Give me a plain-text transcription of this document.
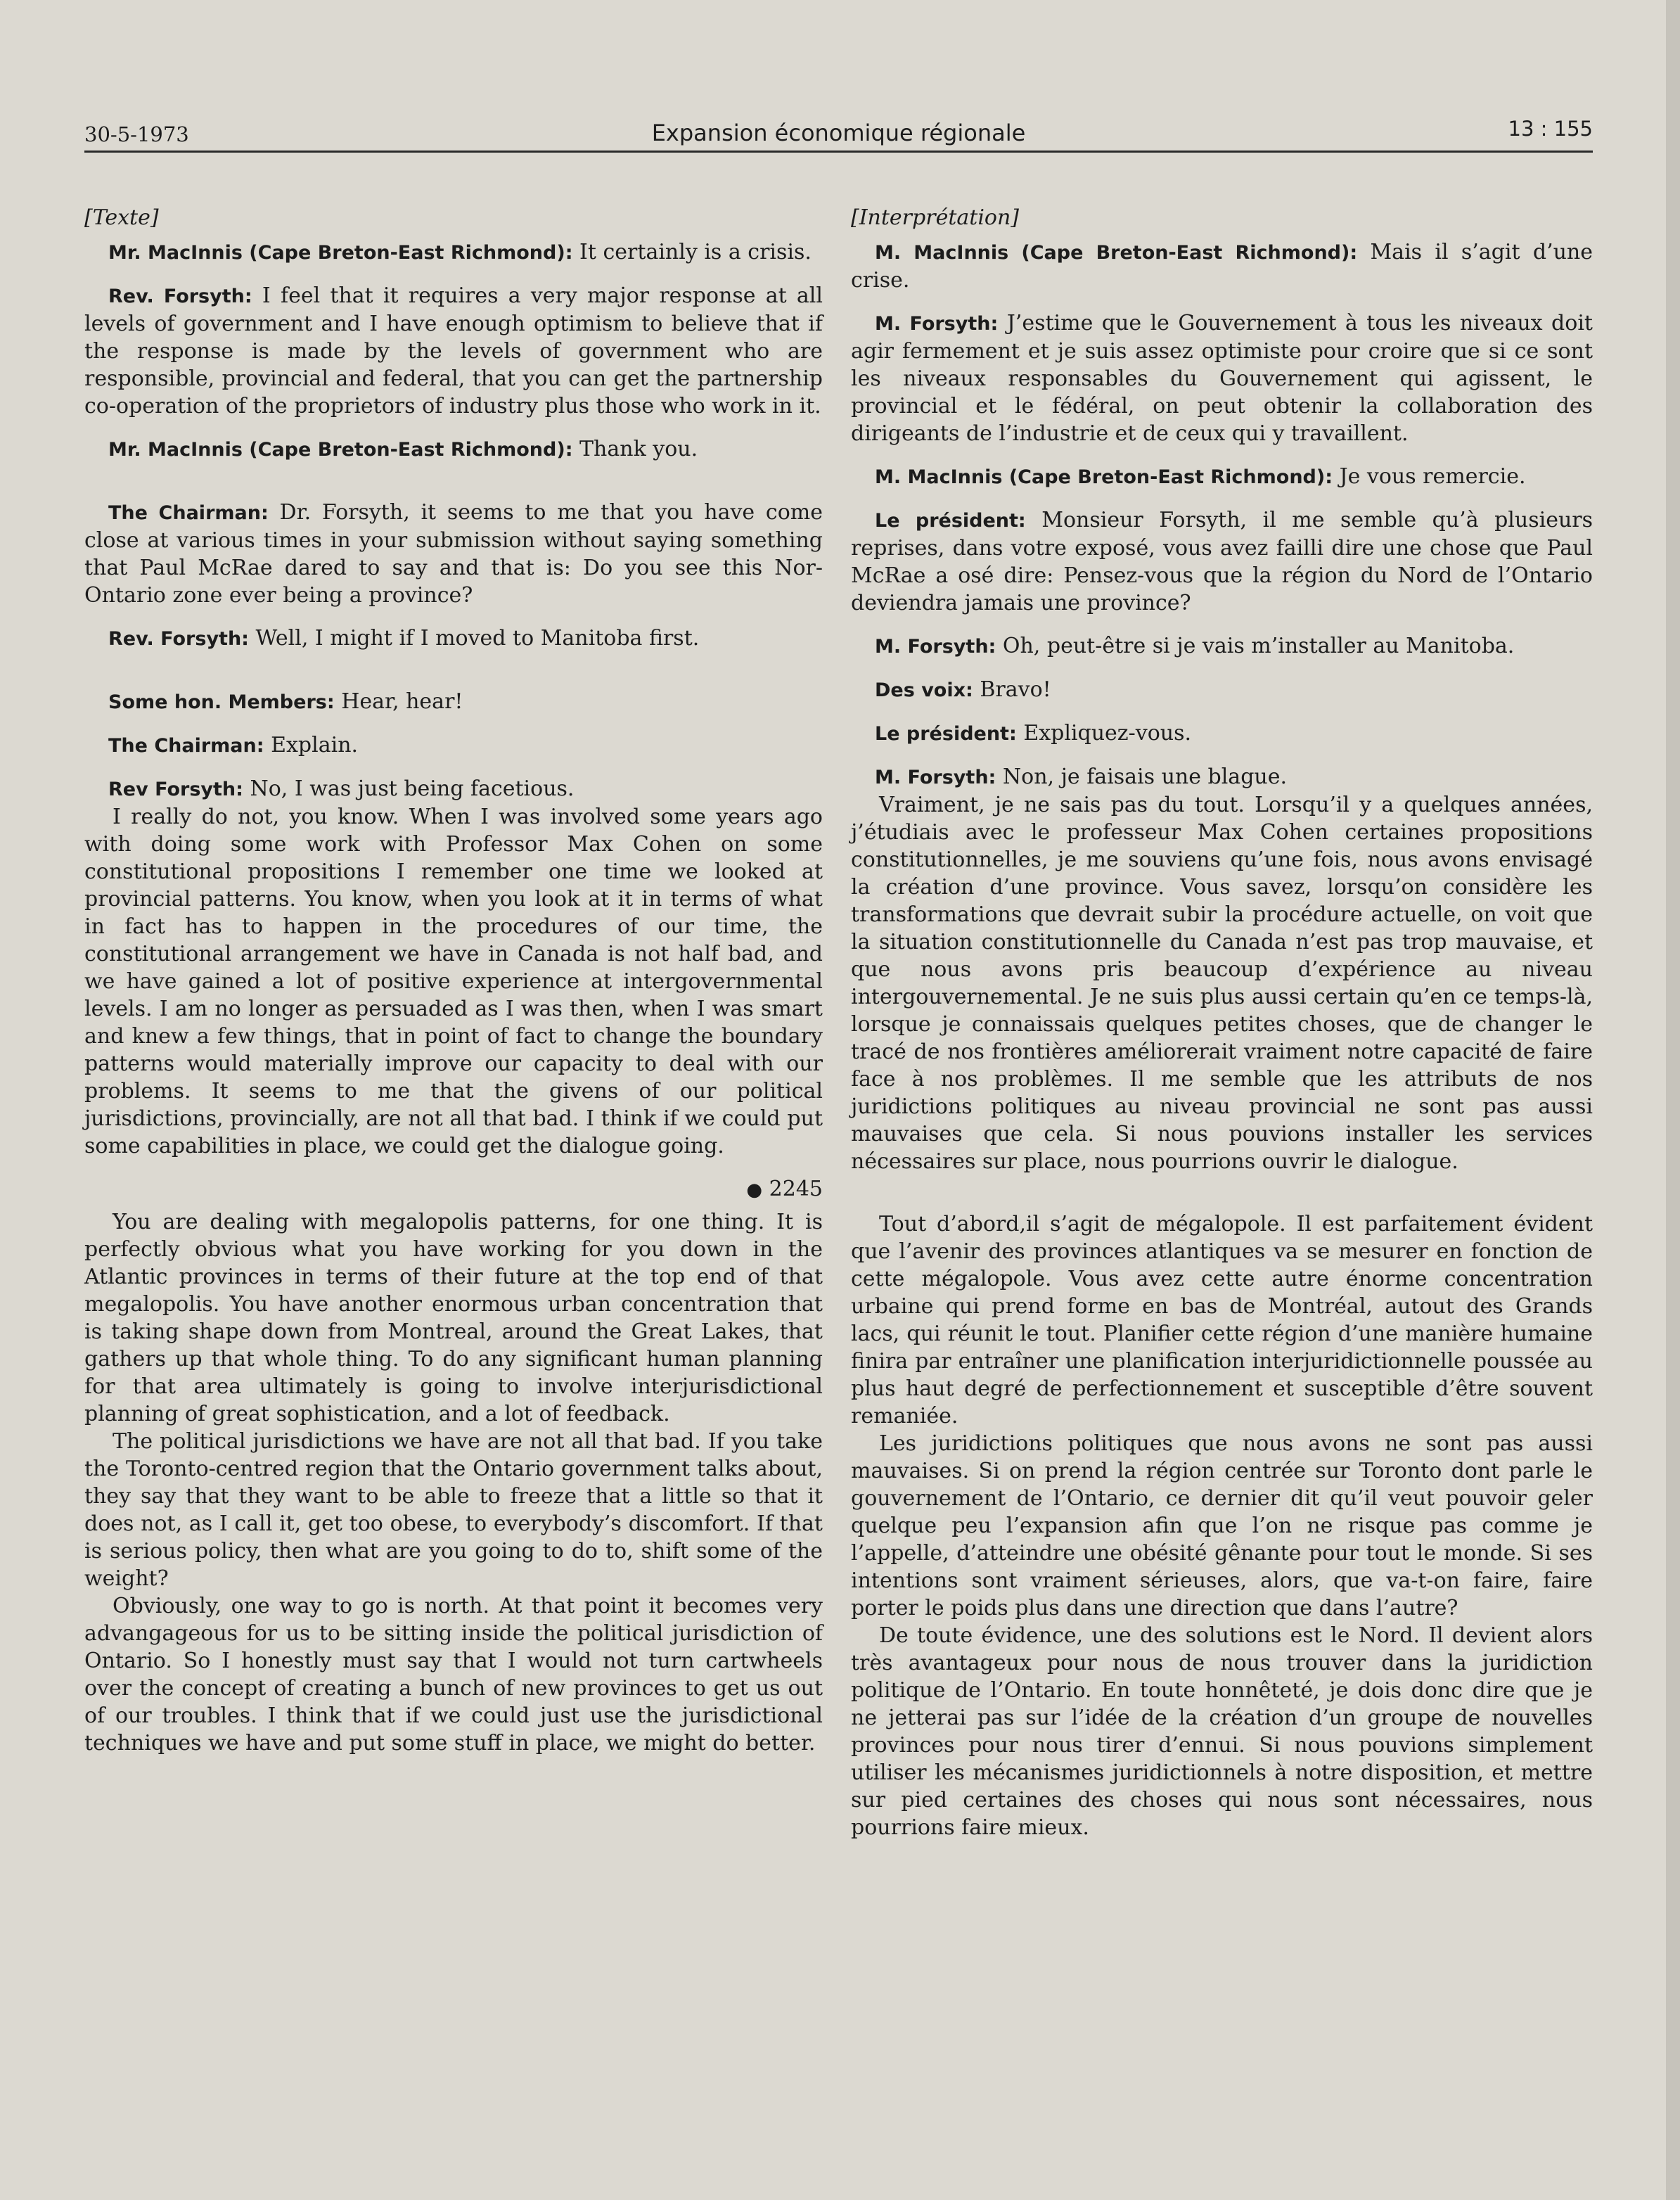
30-5-1973	Expansion économique régionale	13 : 155

[Texte]

Mr. MacInnis (Cape Breton-East Richmond): It certainly is a crisis.

Rev. Forsyth: I feel that it requires a very major response at all levels of government and I have enough optimism to believe that if the response is made by the levels of government who are responsible, provincial and federal, that you can get the partnership co-operation of the proprietors of industry plus those who work in it.

Mr. MacInnis (Cape Breton-East Richmond): Thank you.

The Chairman: Dr. Forsyth, it seems to me that you have come close at various times in your submission without saying something that Paul McRae dared to say and that is: Do you see this Nor-Ontario zone ever being a province?

Rev. Forsyth: Well, I might if I moved to Manitoba first.

Some hon. Members: Hear, hear!

The Chairman: Explain.

Rev Forsyth: No, I was just being facetious.

I really do not, you know. When I was involved some years ago with doing some work with Professor Max Cohen on some constitutional propositions I remember one time we looked at provincial patterns. You know, when you look at it in terms of what in fact has to happen in the procedures of our time, the constitutional arrangement we have in Canada is not half bad, and we have gained a lot of positive experience at intergovernmental levels. I am no longer as persuaded as I was then, when I was smart and knew a few things, that in point of fact to change the boundary patterns would materially improve our capacity to deal with our problems. It seems to me that the givens of our political jurisdictions, provincially, are not all that bad. I think if we could put some capabilities in place, we could get the dialogue going.

● 2245

You are dealing with megalopolis patterns, for one thing. It is perfectly obvious what you have working for you down in the Atlantic provinces in terms of their future at the top end of that megalopolis. You have another enormous urban concentration that is taking shape down from Montreal, around the Great Lakes, that gathers up that whole thing. To do any significant human planning for that area ultimately is going to involve interjurisdictional planning of great sophistication, and a lot of feedback.

The political jurisdictions we have are not all that bad. If you take the Toronto-centred region that the Ontario government talks about, they say that they want to be able to freeze that a little so that it does not, as I call it, get too obese, to everybody’s discomfort. If that is serious policy, then what are you going to do to, shift some of the weight?

Obviously, one way to go is north. At that point it becomes very advangageous for us to be sitting inside the political jurisdiction of Ontario. So I honestly must say that I would not turn cartwheels over the concept of creating a bunch of new provinces to get us out of our troubles. I think that if we could just use the jurisdictional techniques we have and put some stuff in place, we might do better.

[Interprétation]

M. MacInnis (Cape Breton-East Richmond): Mais il s’agit d’une crise.

M. Forsyth: J’estime que le Gouvernement à tous les niveaux doit agir fermement et je suis assez optimiste pour croire que si ce sont les niveaux responsables du Gouvernement qui agissent, le provincial et le fédéral, on peut obtenir la collaboration des dirigeants de l’industrie et de ceux qui y travaillent.

M. MacInnis (Cape Breton-East Richmond): Je vous remercie.

Le président: Monsieur Forsyth, il me semble qu’à plusieurs reprises, dans votre exposé, vous avez failli dire une chose que Paul McRae a osé dire: Pensez-vous que la région du Nord de l’Ontario deviendra jamais une province?

M. Forsyth: Oh, peut-être si je vais m’installer au Manitoba.

Des voix: Bravo!

Le président: Expliquez-vous.

M. Forsyth: Non, je faisais une blague.

Vraiment, je ne sais pas du tout. Lorsqu’il y a quelques années, j’étudiais avec le professeur Max Cohen certaines propositions constitutionnelles, je me souviens qu’une fois, nous avons envisagé la création d’une province. Vous savez, lorsqu’on considère les transformations que devrait subir la procédure actuelle, on voit que la situation constitutionnelle du Canada n’est pas trop mauvaise, et que nous avons pris beaucoup d’expérience au niveau intergouvernemental. Je ne suis plus aussi certain qu’en ce temps-là, lorsque je connaissais quelques petites choses, que de changer le tracé de nos frontières améliorerait vraiment notre capacité de faire face à nos problèmes. Il me semble que les attributs de nos juridictions politiques au niveau provincial ne sont pas aussi mauvaises que cela. Si nous pouvions installer les services nécessaires sur place, nous pourrions ouvrir le dialogue.

Tout d’abord,il s’agit de mégalopole. Il est parfaitement évident que l’avenir des provinces atlantiques va se mesurer en fonction de cette mégalopole. Vous avez cette autre énorme concentration urbaine qui prend forme en bas de Montréal, autout des Grands lacs, qui réunit le tout. Planifier cette région d’une manière humaine finira par entraîner une planification interjuridictionnelle poussée au plus haut degré de perfectionnement et susceptible d’être souvent remaniée.

Les juridictions politiques que nous avons ne sont pas aussi mauvaises. Si on prend la région centrée sur Toronto dont parle le gouvernement de l’Ontario, ce dernier dit qu’il veut pouvoir geler quelque peu l’expansion afin que l’on ne risque pas comme je l’appelle, d’atteindre une obésité gênante pour tout le monde. Si ses intentions sont vraiment sérieuses, alors, que va-t-on faire, faire porter le poids plus dans une direction que dans l’autre?

De toute évidence, une des solutions est le Nord. Il devient alors très avantageux pour nous de nous trouver dans la juridiction politique de l’Ontario. En toute honnêteté, je dois donc dire que je ne jetterai pas sur l’idée de la création d’un groupe de nouvelles provinces pour nous tirer d’ennui. Si nous pouvions simplement utiliser les mécanismes juridictionnels à notre disposition, et mettre sur pied certaines des choses qui nous sont nécessaires, nous pourrions faire mieux.
